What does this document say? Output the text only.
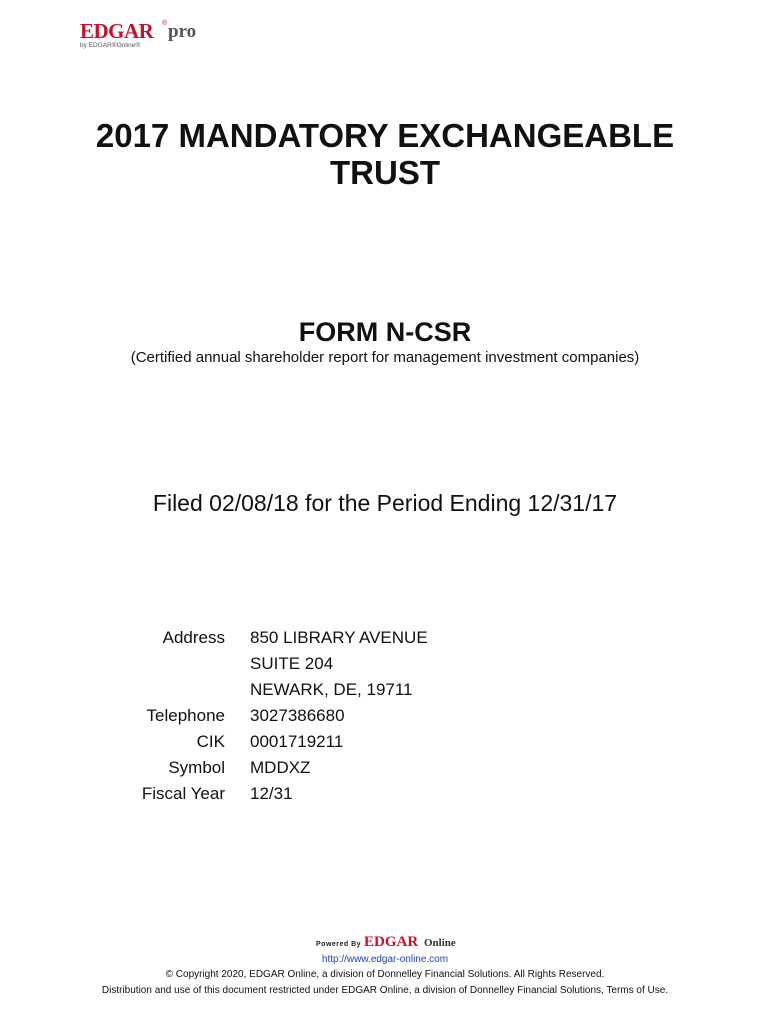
EDGAR ® pro
by EDGAR®Online®
2017 MANDATORY EXCHANGEABLE TRUST
FORM N-CSR
(Certified annual shareholder report for management investment companies)
Filed 02/08/18 for the Period Ending 12/31/17
Address 850 LIBRARY AVENUE
SUITE 204
NEWARK, DE, 19711
Telephone 3027386680
CIK 0001719211
Symbol MDDXZ
Fiscal Year 12/31
Powered By EDGAR Online
http://www.edgar-online.com
© Copyright 2020, EDGAR Online, a division of Donnelley Financial Solutions. All Rights Reserved.
Distribution and use of this document restricted under EDGAR Online, a division of Donnelley Financial Solutions, Terms of Use.
